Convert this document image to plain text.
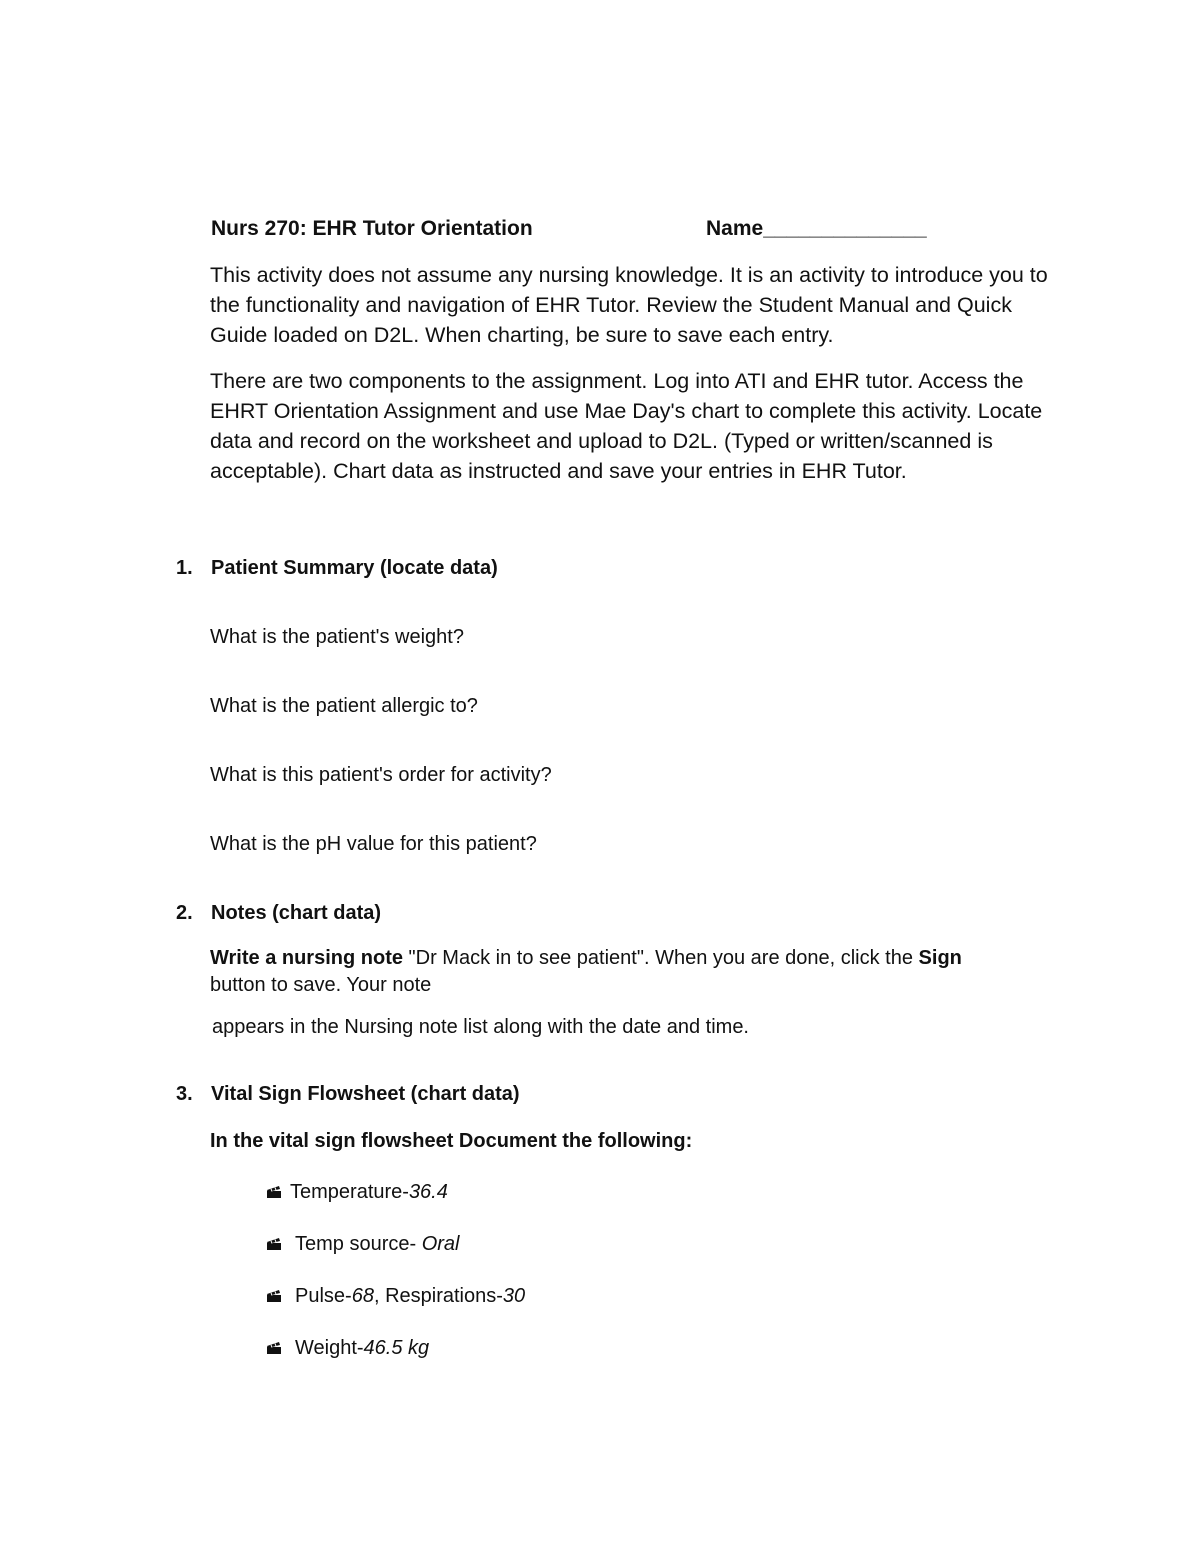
Nurs 270: EHR Tutor Orientation	Name______________
This activity does not assume any nursing knowledge. It is an activity to introduce you to the functionality and navigation of EHR Tutor. Review the Student Manual and Quick Guide loaded on D2L. When charting, be sure to save each entry.
There are two components to the assignment. Log into ATI and EHR tutor. Access the EHRT Orientation Assignment and use Mae Day's chart to complete this activity. Locate data and record on the worksheet and upload to D2L. (Typed or written/scanned is acceptable). Chart data as instructed and save your entries in EHR Tutor.
1. Patient Summary (locate data)
What is the patient's weight?
What is the patient allergic to?
What is this patient's order for activity?
What is the pH value for this patient?
2. Notes (chart data)
Write a nursing note "Dr Mack in to see patient". When you are done, click the Sign
button to save. Your note
appears in the Nursing note list along with the date and time.
3. Vital Sign Flowsheet (chart data)
In the vital sign flowsheet Document the following:
Temperature-36.4
Temp source- Oral
Pulse-68, Respirations-30
Weight-46.5 kg
